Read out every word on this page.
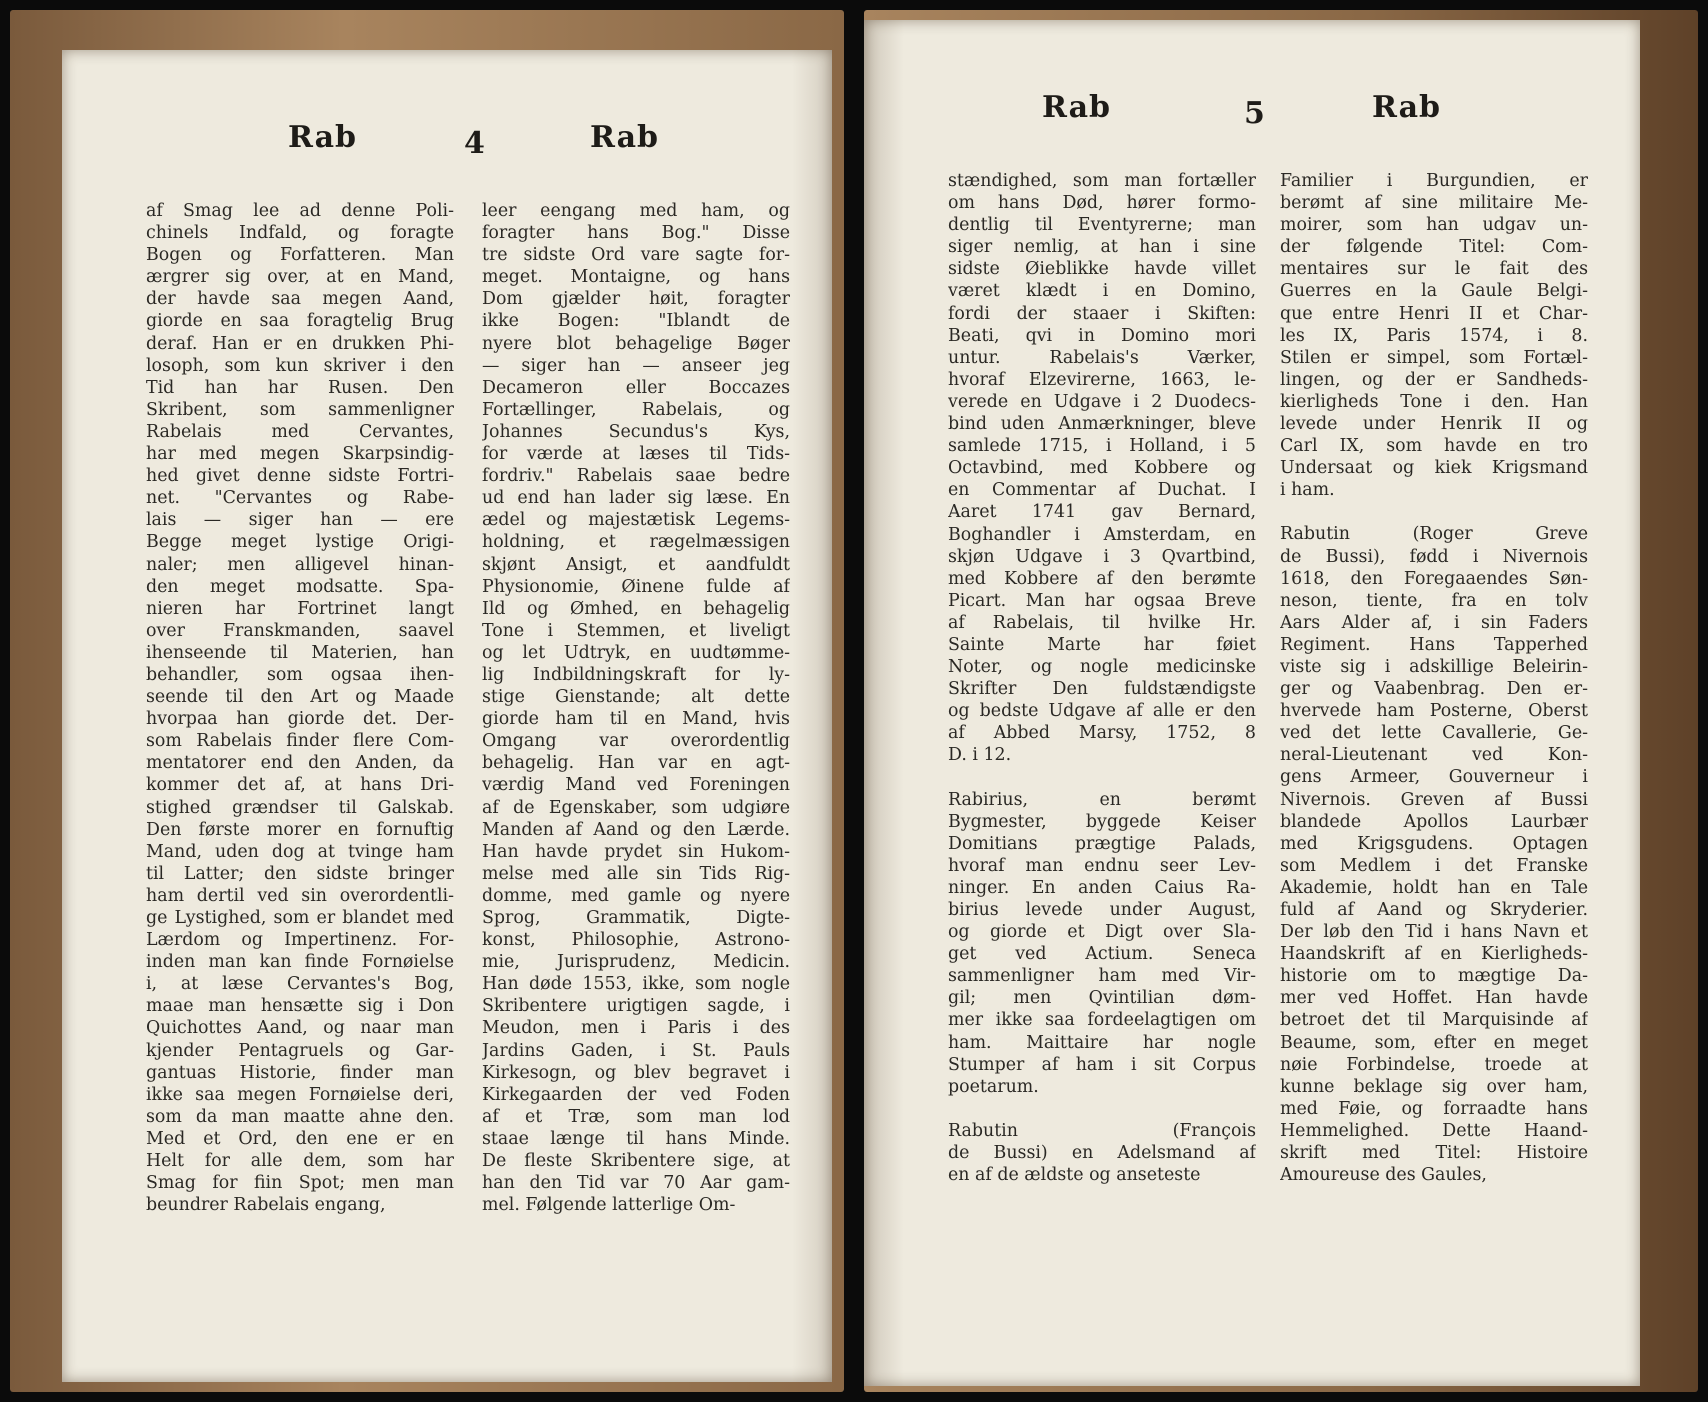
Rab	4	Rab
af Smag lee ad denne Poli-
chinels Indfald, og foragte
Bogen og Forfatteren. Man
ærgrer sig over, at en Mand,
der havde saa megen Aand,
giorde en saa foragtelig Brug
deraf. Han er en drukken Phi-
losoph, som kun skriver i den
Tid han har Rusen. Den
Skribent, som sammenligner
Rabelais med Cervantes,
har med megen Skarpsindig-
hed givet denne sidste Fortri-
net. "Cervantes og Rabe-
lais — siger han — ere
Begge meget lystige Origi-
naler; men alligevel hinan-
den meget modsatte. Spa-
nieren har Fortrinet langt
over Franskmanden, saavel
ihenseende til Materien, han
behandler, som ogsaa ihen-
seende til den Art og Maade
hvorpaa han giorde det. Der-
som Rabelais finder flere Com-
mentatorer end den Anden, da
kommer det af, at hans Dri-
stighed grændser til Galskab.
Den første morer en fornuftig
Mand, uden dog at tvinge ham
til Latter; den sidste bringer
ham dertil ved sin overordentli-
ge Lystighed, som er blandet med
Lærdom og Impertinenz. For-
inden man kan finde Fornøielse
i, at læse Cervantes's Bog,
maae man hensætte sig i Don
Quichottes Aand, og naar man
kjender Pentagruels og Gar-
gantuas Historie, finder man
ikke saa megen Fornøielse deri,
som da man maatte ahne den.
Med et Ord, den ene er en
Helt for alle dem, som har
Smag for fiin Spot; men man
beundrer Rabelais engang,
leer eengang med ham, og
foragter hans Bog." Disse
tre sidste Ord vare sagte for-
meget. Montaigne, og hans
Dom gjælder høit, foragter
ikke Bogen: "Iblandt de
nyere blot behagelige Bøger
— siger han — anseer jeg
Decameron eller Boccazes
Fortællinger, Rabelais, og
Johannes Secundus's Kys,
for værde at læses til Tids-
fordriv." Rabelais saae bedre
ud end han lader sig læse. En
ædel og majestætisk Legems-
holdning, et rægelmæssigen
skjønt Ansigt, et aandfuldt
Physionomie, Øinene fulde af
Ild og Ømhed, en behagelig
Tone i Stemmen, et liveligt
og let Udtryk, en uudtømme-
lig Indbildningskraft for ly-
stige Gienstande; alt dette
giorde ham til en Mand, hvis
Omgang var overordentlig
behagelig. Han var en agt-
værdig Mand ved Foreningen
af de Egenskaber, som udgiøre
Manden af Aand og den Lærde.
Han havde prydet sin Hukom-
melse med alle sin Tids Rig-
domme, med gamle og nyere
Sprog, Grammatik, Digte-
konst, Philosophie, Astrono-
mie, Jurisprudenz, Medicin.
Han døde 1553, ikke, som nogle
Skribentere urigtigen sagde, i
Meudon, men i Paris i des
Jardins Gaden, i St. Pauls
Kirkesogn, og blev begravet i
Kirkegaarden der ved Foden
af et Træ, som man lod
staae længe til hans Minde.
De fleste Skribentere sige, at
han den Tid var 70 Aar gam-
mel. Følgende latterlige Om-
Rab	5	Rab
stændighed, som man fortæller
om hans Død, hører formo-
dentlig til Eventyrerne; man
siger nemlig, at han i sine
sidste Øieblikke havde villet
været klædt i en Domino,
fordi der staaer i Skiften:
Beati, qvi in Domino mori
untur. Rabelais's Værker,
hvoraf Elzevirerne, 1663, le-
verede en Udgave i 2 Duodecs-
bind uden Anmærkninger, bleve
samlede 1715, i Holland, i 5
Octavbind, med Kobbere og
en Commentar af Duchat. I
Aaret 1741 gav Bernard,
Boghandler i Amsterdam, en
skjøn Udgave i 3 Qvartbind,
med Kobbere af den berømte
Picart. Man har ogsaa Breve
af Rabelais, til hvilke Hr.
Sainte Marte har føiet
Noter, og nogle medicinske
Skrifter Den fuldstændigste
og bedste Udgave af alle er den
af Abbed Marsy, 1752, 8
D. i 12.
Rabirius, en berømt
Bygmester, byggede Keiser
Domitians prægtige Palads,
hvoraf man endnu seer Lev-
ninger. En anden Caius Ra-
birius levede under August,
og giorde et Digt over Sla-
get ved Actium. Seneca
sammenligner ham med Vir-
gil; men Qvintilian døm-
mer ikke saa fordeelagtigen om
ham. Maittaire har nogle
Stumper af ham i sit Corpus
poetarum.
Rabutin (François
de Bussi) en Adelsmand af
en af de ældste og anseteste
Familier i Burgundien, er
berømt af sine militaire Me-
moirer, som han udgav un-
der følgende Titel: Com-
mentaires sur le fait des
Guerres en la Gaule Belgi-
que entre Henri II et Char-
les IX, Paris 1574, i 8.
Stilen er simpel, som Fortæl-
lingen, og der er Sandheds-
kierligheds Tone i den. Han
levede under Henrik II og
Carl IX, som havde en tro
Undersaat og kiek Krigsmand
i ham.
Rabutin (Roger Greve
de Bussi), fødd i Nivernois
1618, den Foregaaendes Søn-
neson, tiente, fra en tolv
Aars Alder af, i sin Faders
Regiment. Hans Tapperhed
viste sig i adskillige Beleirin-
ger og Vaabenbrag. Den er-
hvervede ham Posterne, Oberst
ved det lette Cavallerie, Ge-
neral-Lieutenant ved Kon-
gens Armeer, Gouverneur i
Nivernois. Greven af Bussi
blandede Apollos Laurbær
med Krigsgudens. Optagen
som Medlem i det Franske
Akademie, holdt han en Tale
fuld af Aand og Skryderier.
Der løb den Tid i hans Navn et
Haandskrift af en Kierligheds-
historie om to mægtige Da-
mer ved Hoffet. Han havde
betroet det til Marquisinde af
Beaume, som, efter en meget
nøie Forbindelse, troede at
kunne beklage sig over ham,
med Føie, og forraadte hans
Hemmelighed. Dette Haand-
skrift med Titel: Histoire
Amoureuse des Gaules,
